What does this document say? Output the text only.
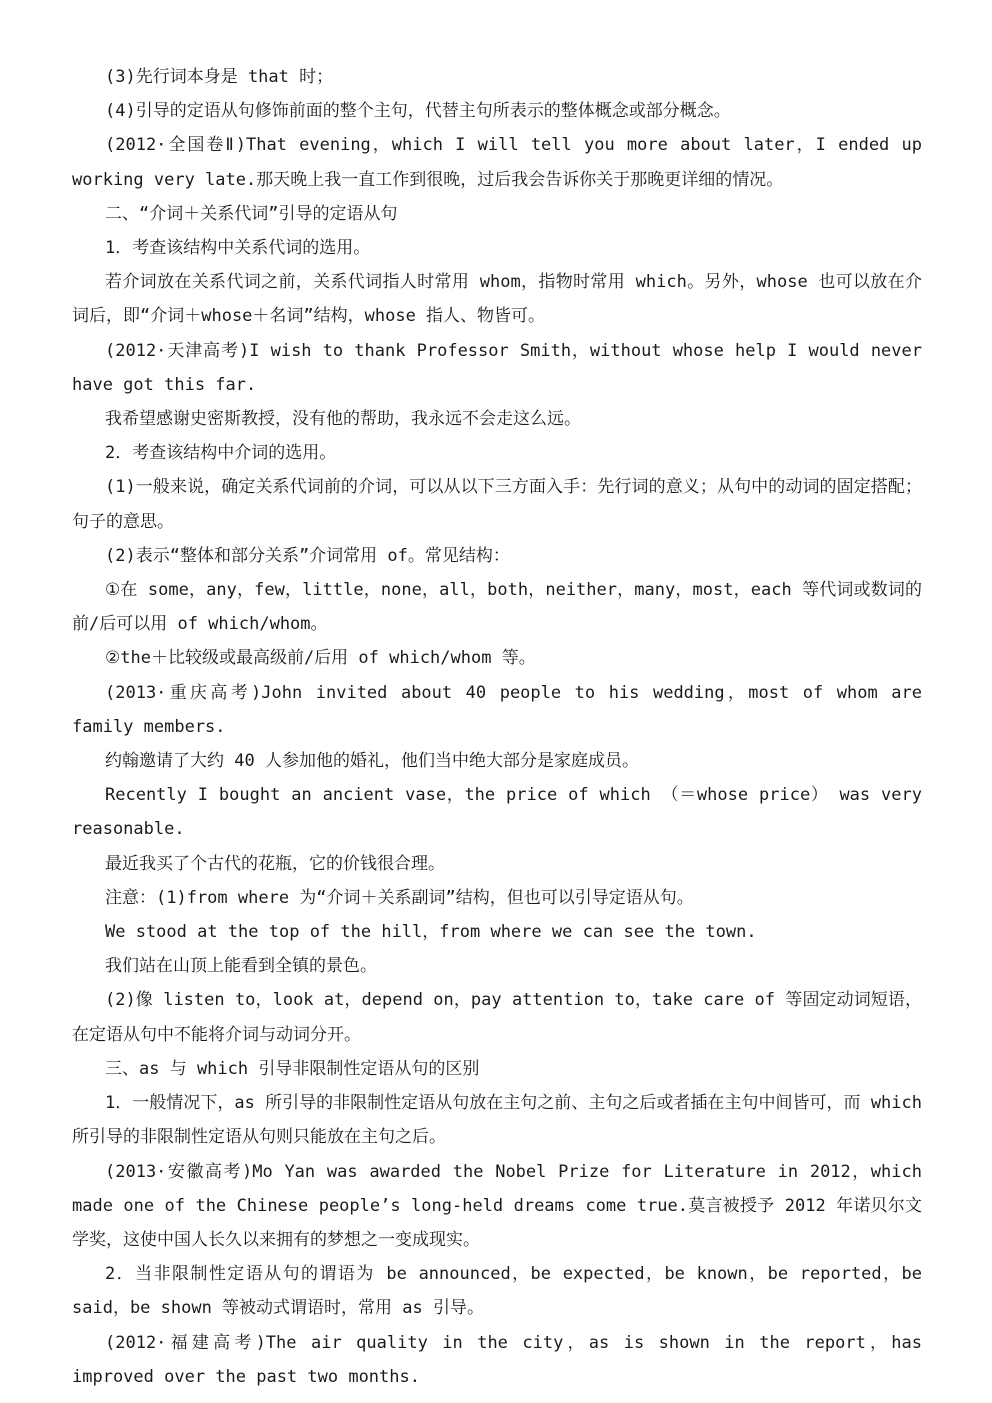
(3)先行词本身是 that 时；

(4)引导的定语从句修饰前面的整个主句，代替主句所表示的整体概念或部分概念。

(2012·全国卷Ⅱ)That evening，which I will tell you more about later，I ended up working very late.那天晚上我一直工作到很晚，过后我会告诉你关于那晚更详细的情况。

二、“介词＋关系代词”引导的定语从句

1．考查该结构中关系代词的选用。

若介词放在关系代词之前，关系代词指人时常用 whom，指物时常用 which。另外，whose 也可以放在介词后，即“介词＋whose＋名词”结构，whose 指人、物皆可。

(2012·天津高考)I wish to thank Professor Smith，without whose help I would never have got this far.

我希望感谢史密斯教授，没有他的帮助，我永远不会走这么远。

2．考查该结构中介词的选用。

(1)一般来说，确定关系代词前的介词，可以从以下三方面入手：先行词的意义；从句中的动词的固定搭配；句子的意思。

(2)表示“整体和部分关系”介词常用 of。常见结构：

①在 some，any，few，little，none，all，both，neither，many，most，each 等代词或数词的前/后可以用 of which/whom。

②the＋比较级或最高级前/后用 of which/whom 等。

(2013·重庆高考)John invited about 40 people to his wedding，most of whom are family members.

约翰邀请了大约 40 人参加他的婚礼，他们当中绝大部分是家庭成员。

Recently I bought an ancient vase，the price of which （＝whose price） was very reasonable.

最近我买了个古代的花瓶，它的价钱很合理。

注意：(1)from where 为“介词＋关系副词”结构，但也可以引导定语从句。

We stood at the top of the hill，from where we can see the town.

我们站在山顶上能看到全镇的景色。

(2)像 listen to，look at，depend on，pay attention to，take care of 等固定动词短语，在定语从句中不能将介词与动词分开。

三、as 与 which 引导非限制性定语从句的区别

1．一般情况下，as 所引导的非限制性定语从句放在主句之前、主句之后或者插在主句中间皆可，而 which 所引导的非限制性定语从句则只能放在主句之后。

(2013·安徽高考)Mo Yan was awarded the Nobel Prize for Literature in 2012，which made one of the Chinese people’s long-held dreams come true.莫言被授予 2012 年诺贝尔文学奖，这使中国人长久以来拥有的梦想之一变成现实。

2．当非限制性定语从句的谓语为 be announced，be expected，be known，be reported，be said，be shown 等被动式谓语时，常用 as 引导。

(2012·福建高考)The air quality in the city，as is shown in the report，has improved over the past two months.
